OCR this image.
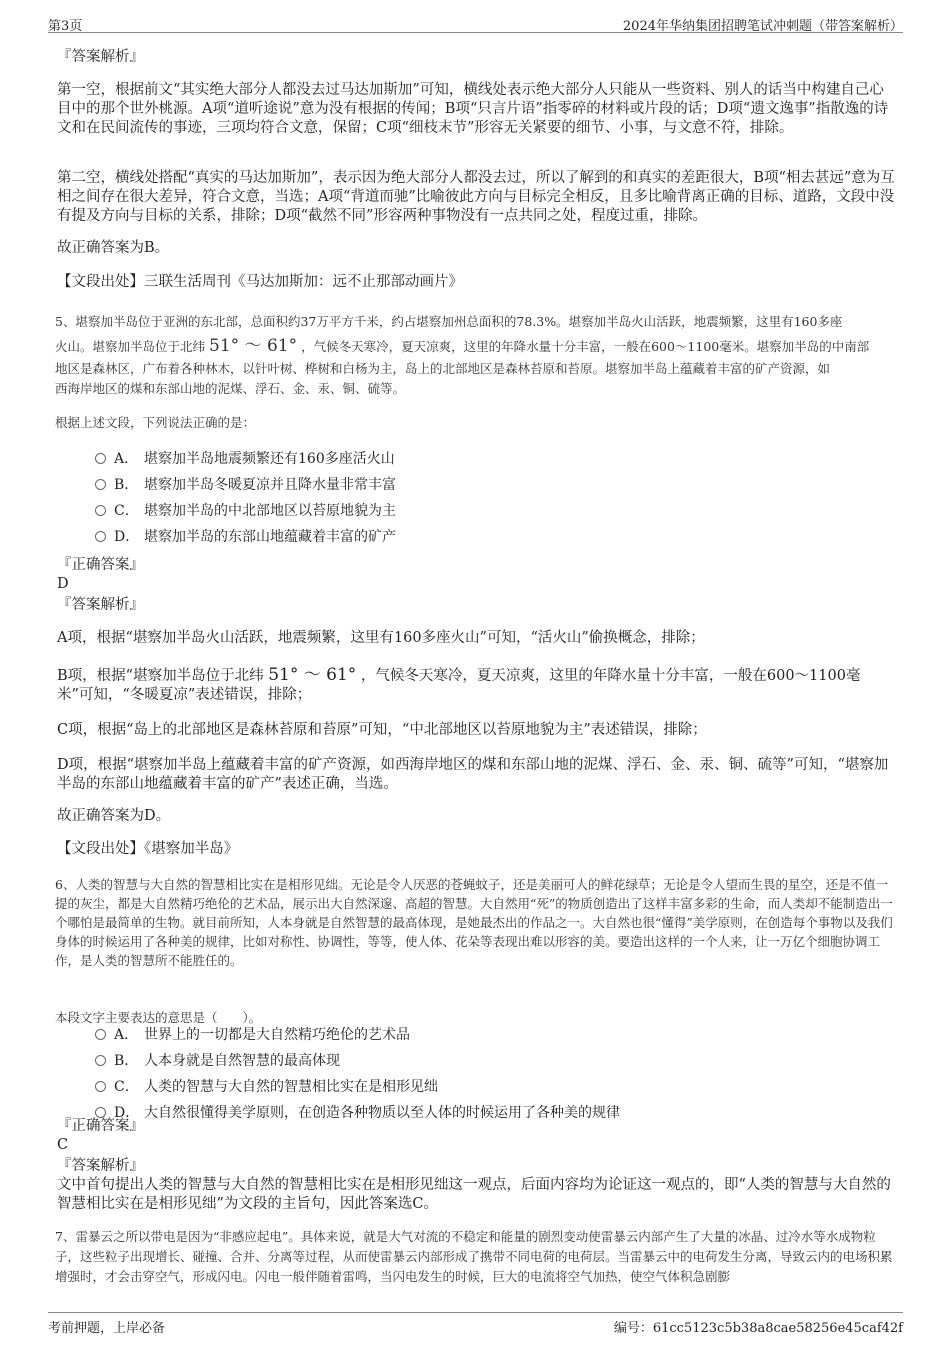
第3页	2024年华纳集团招聘笔试冲刺题（带答案解析）

『答案解析』

第一空，根据前文“其实绝大部分人都没去过马达加斯加”可知，横线处表示绝大部分人只能从一些资料、别人的话当中构建自己心目中的那个世外桃源。A项“道听途说”意为没有根据的传闻；B项“只言片语”指零碎的材料或片段的话；D项“遗文逸事”指散逸的诗文和在民间流传的事迹，三项均符合文意，保留；C项“细枝末节”形容无关紧要的细节、小事，与文意不符，排除。

第二空，横线处搭配“真实的马达加斯加”，表示因为绝大部分人都没去过，所以了解到的和真实的差距很大，B项“相去甚远”意为互相之间存在很大差异，符合文意，当选；A项“背道而驰”比喻彼此方向与目标完全相反，且多比喻背离正确的目标、道路，文段中没有提及方向与目标的关系，排除；D项“截然不同”形容两种事物没有一点共同之处，程度过重，排除。

故正确答案为B。

【文段出处】三联生活周刊《马达加斯加：远不止那部动画片》

5、堪察加半岛位于亚洲的东北部，总面积约37万平方千米，约占堪察加州总面积的78.3%。堪察加半岛火山活跃，地震频繁，这里有160多座

火山。堪察加半岛位于北纬 51° ～ 61° ，气候冬天寒冷，夏天凉爽，这里的年降水量十分丰富，一般在600～1100毫米。堪察加半岛的中南部

地区是森林区，广布着各种林木，以针叶树、桦树和白杨为主，岛上的北部地区是森林苔原和苔原。堪察加半岛上蕴藏着丰富的矿产资源，如

西海岸地区的煤和东部山地的泥煤、浮石、金、汞、铜、硫等。

根据上述文段，下列说法正确的是：

A． 堪察加半岛地震频繁还有160多座活火山
B． 堪察加半岛冬暖夏凉并且降水量非常丰富
C． 堪察加半岛的中北部地区以苔原地貌为主
D． 堪察加半岛的东部山地蕴藏着丰富的矿产

『正确答案』

D

『答案解析』

A项，根据“堪察加半岛火山活跃，地震频繁，这里有160多座火山”可知，“活火山”偷换概念，排除；

B项，根据“堪察加半岛位于北纬 51° ～ 61° ，气候冬天寒冷，夏天凉爽，这里的年降水量十分丰富，一般在600～1100毫
米”可知，“冬暖夏凉”表述错误，排除；

C项，根据“岛上的北部地区是森林苔原和苔原”可知，“中北部地区以苔原地貌为主”表述错误，排除；

D项，根据“堪察加半岛上蕴藏着丰富的矿产资源，如西海岸地区的煤和东部山地的泥煤、浮石、金、汞、铜、硫等”可知，“堪察加半岛的东部山地蕴藏着丰富的矿产”表述正确，当选。

故正确答案为D。

【文段出处】《堪察加半岛》

6、人类的智慧与大自然的智慧相比实在是相形见绌。无论是令人厌恶的苍蝇蚊子，还是美丽可人的鲜花绿草；无论是令人望而生畏的星空，还是不值一提的灰尘，都是大自然精巧绝伦的艺术品，展示出大自然深邃、高超的智慧。大自然用“死”的物质创造出了这样丰富多彩的生命，而人类却不能制造出一个哪怕是最简单的生物。就目前所知，人本身就是自然智慧的最高体现，是她最杰出的作品之一。大自然也很“懂得”美学原则，在创造每个事物以及我们身体的时候运用了各种美的规律，比如对称性、协调性，等等，使人体、花朵等表现出难以形容的美。要造出这样的一个人来，让一万亿个细胞协调工作，是人类的智慧所不能胜任的。

本段文字主要表达的意思是（　　）。

A． 世界上的一切都是大自然精巧绝伦的艺术品
B． 人本身就是自然智慧的最高体现
C． 人类的智慧与大自然的智慧相比实在是相形见绌
D． 大自然很懂得美学原则，在创造各种物质以至人体的时候运用了各种美的规律

『正确答案』

C

『答案解析』

文中首句提出人类的智慧与大自然的智慧相比实在是相形见绌这一观点，后面内容均为论证这一观点的，即“人类的智慧与大自然的智慧相比实在是相形见绌”为文段的主旨句，因此答案选C。

7、雷暴云之所以带电是因为“非感应起电”。具体来说，就是大气对流的不稳定和能量的剧烈变动使雷暴云内部产生了大量的冰晶、过冷水等水成物粒子，这些粒子出现增长、碰撞、合并、分离等过程，从而使雷暴云内部形成了携带不同电荷的电荷层。当雷暴云中的电荷发生分离，导致云内的电场积累增强时，才会击穿空气，形成闪电。闪电一般伴随着雷鸣，当闪电发生的时候，巨大的电流将空气加热，使空气体积急剧膨

考前押题，上岸必备	编号：61cc5123c5b38a8cae58256e45caf42f
